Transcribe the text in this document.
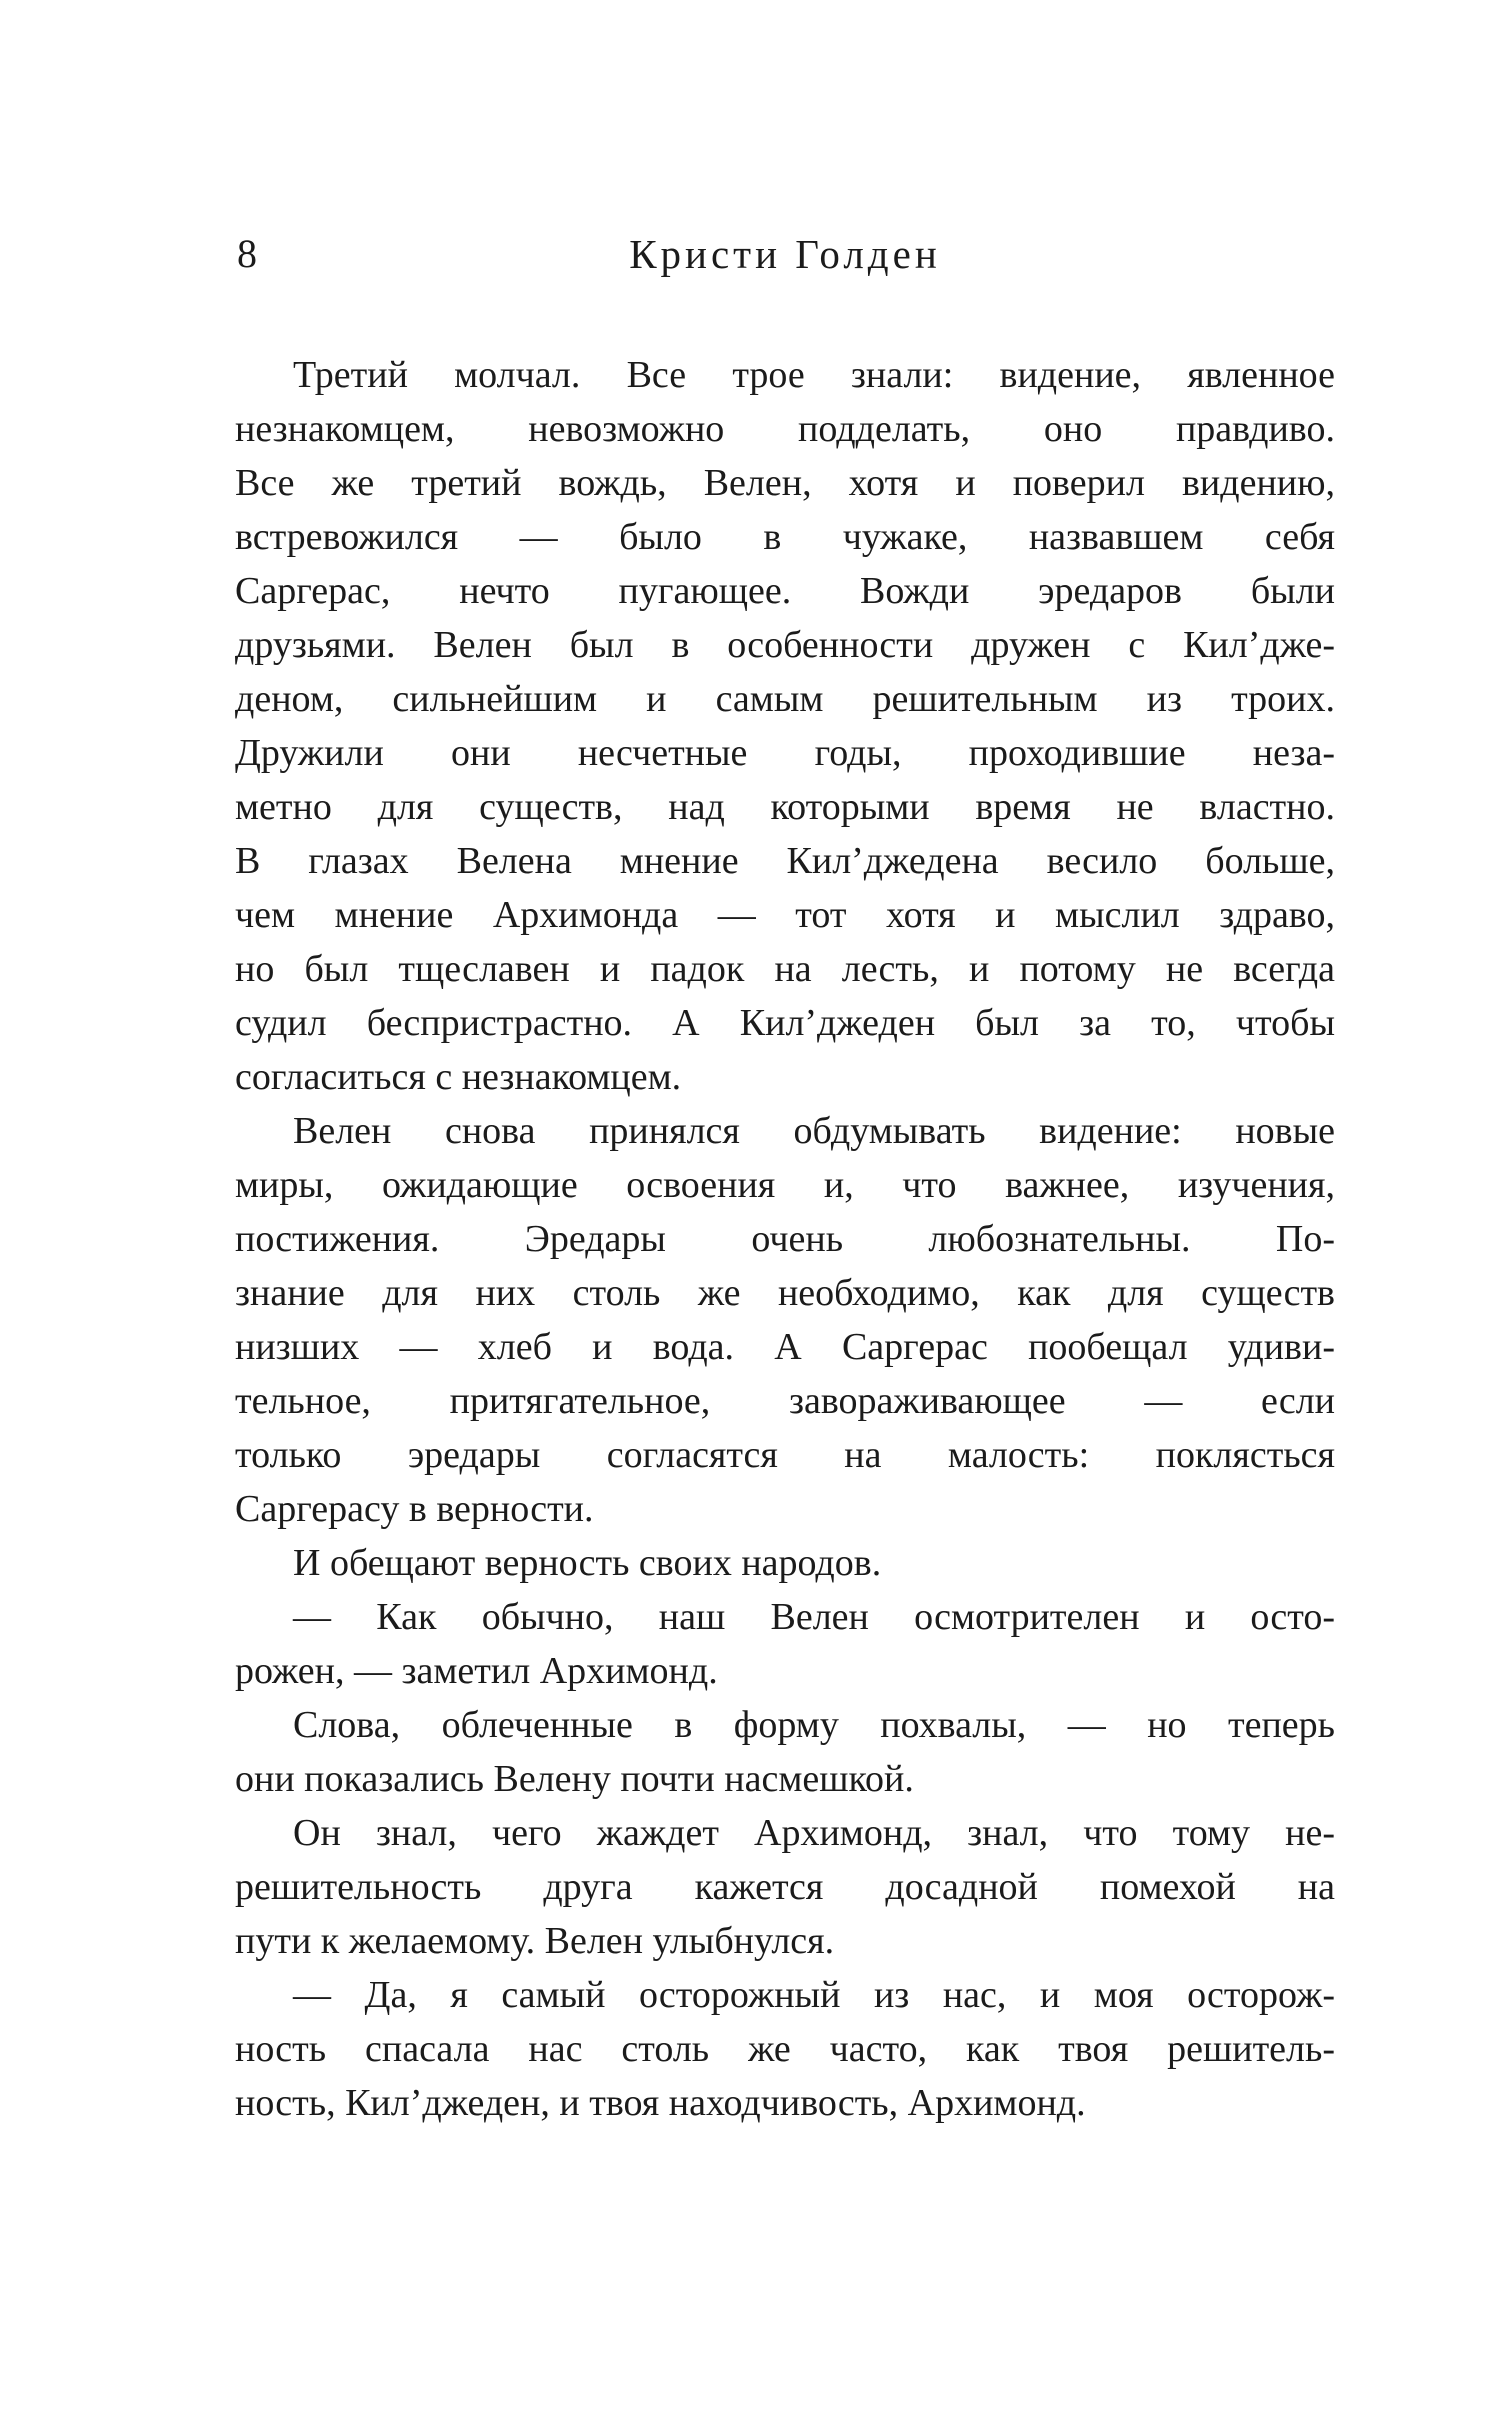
8	Кристи Голден
Третий молчал. Все трое знали: видение, явленное
незнакомцем, невозможно подделать, оно правдиво.
Все же третий вождь, Велен, хотя и поверил видению,
встревожился — было в чужаке, назвавшем себя
Саргерас, нечто пугающее. Вожди эредаров были
друзьями. Велен был в особенности дружен с Кил’дже-
деном, сильнейшим и самым решительным из троих.
Дружили они несчетные годы, проходившие неза-
метно для существ, над которыми время не властно.
В глазах Велена мнение Кил’джедена весило больше,
чем мнение Архимонда — тот хотя и мыслил здраво,
но был тщеславен и падок на лесть, и потому не всегда
судил беспристрастно. А Кил’джеден был за то, чтобы
согласиться с незнакомцем.
Велен снова принялся обдумывать видение: новые
миры, ожидающие освоения и, что важнее, изучения,
постижения. Эредары очень любознательны. По-
знание для них столь же необходимо, как для существ
низших — хлеб и вода. А Саргерас пообещал удиви-
тельное, притягательное, завораживающее — если
только эредары согласятся на малость: поклясться
Саргерасу в верности.
И обещают верность своих народов.
— Как обычно, наш Велен осмотрителен и осто-
рожен, — заметил Архимонд.
Слова, облеченные в форму похвалы, — но теперь
они показались Велену почти насмешкой.
Он знал, чего жаждет Архимонд, знал, что тому не-
решительность друга кажется досадной помехой на
пути к желаемому. Велен улыбнулся.
— Да, я самый осторожный из нас, и моя осторож-
ность спасала нас столь же часто, как твоя решитель-
ность, Кил’джеден, и твоя находчивость, Архимонд.
